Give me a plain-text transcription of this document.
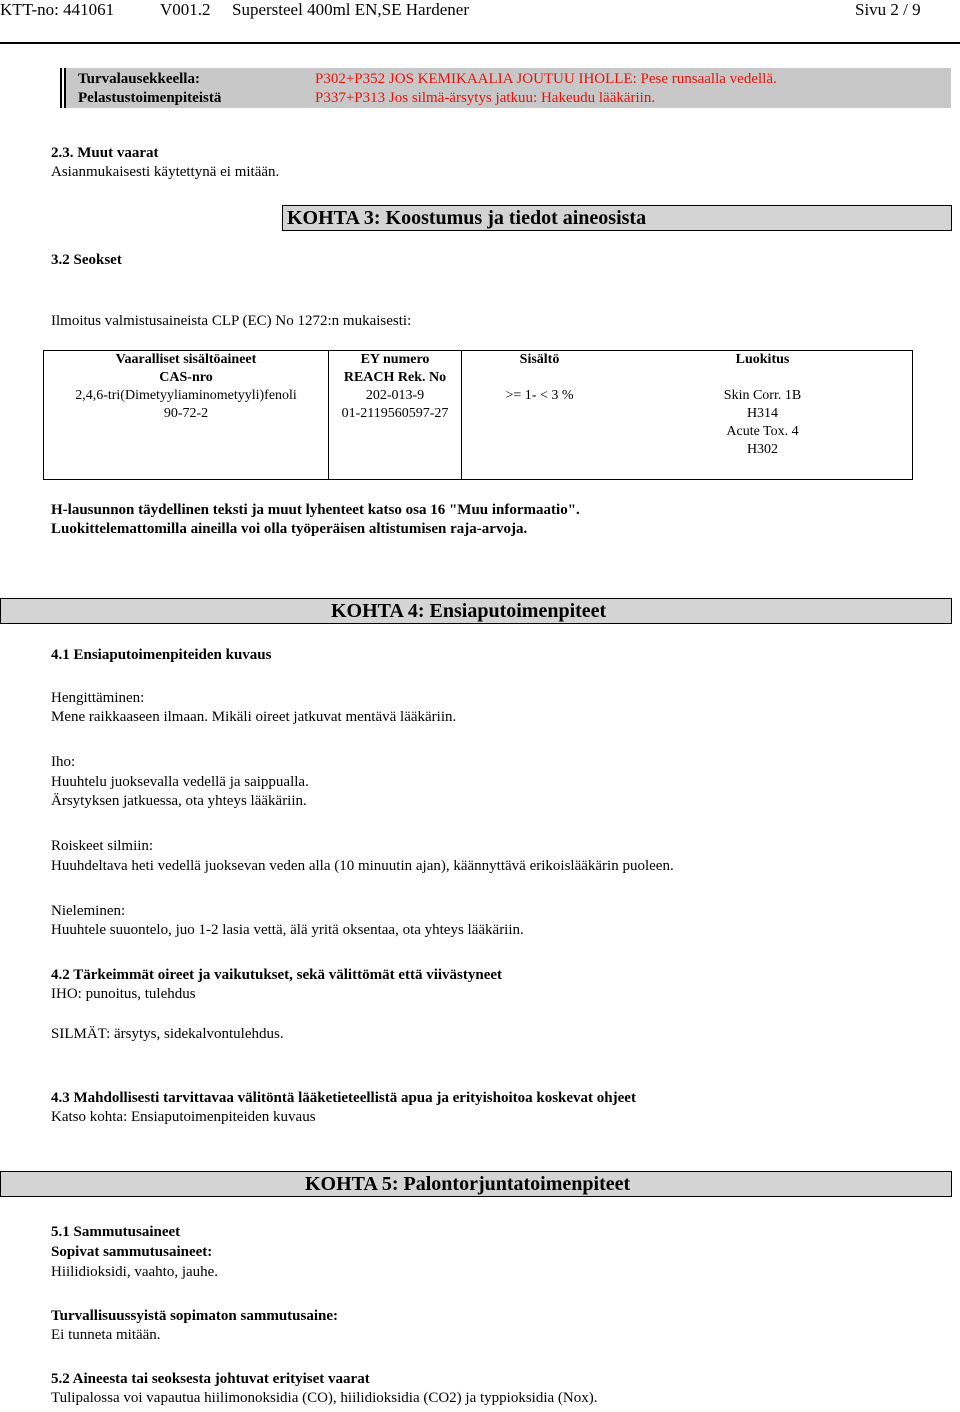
KTT-no: 441061	V001.2 Supersteel 400ml EN,SE Hardener	Sivu 2 / 9
Turvalausekkeella:
Pelastustoimenpiteistä
P302+P352 JOS KEMIKAALIA JOUTUU IHOLLE: Pese runsaalla vedellä.
P337+P313 Jos silmä-ärsytys jatkuu: Hakeudu lääkäriin.
2.3. Muut vaarat
Asianmukaisesti käytettynä ei mitään.
KOHTA 3: Koostumus ja tiedot aineosista
3.2 Seokset
Ilmoitus valmistusaineista CLP (EC) No 1272:n mukaisesti:
Vaaralliset sisältöaineet
CAS-nro
2,4,6-tri(Dimetyyliaminometyyli)fenoli
90-72-2
EY numero
REACH Rek. No
202-013-9
01-2119560597-27
Sisältö
>= 1- < 3 %
Luokitus
Skin Corr. 1B
H314
Acute Tox. 4
H302
H-lausunnon täydellinen teksti ja muut lyhenteet katso osa 16 "Muu informaatio".
Luokittelemattomilla aineilla voi olla työperäisen altistumisen raja-arvoja.
KOHTA 4: Ensiaputoimenpiteet
4.1 Ensiaputoimenpiteiden kuvaus
Hengittäminen:
Mene raikkaaseen ilmaan. Mikäli oireet jatkuvat mentävä lääkäriin.
Iho:
Huuhtelu juoksevalla vedellä ja saippualla.
Ärsytyksen jatkuessa, ota yhteys lääkäriin.
Roiskeet silmiin:
Huuhdeltava heti vedellä juoksevan veden alla (10 minuutin ajan), käännyttävä erikoislääkärin puoleen.
Nieleminen:
Huuhtele suuontelo, juo 1-2 lasia vettä, älä yritä oksentaa, ota yhteys lääkäriin.
4.2 Tärkeimmät oireet ja vaikutukset, sekä välittömät että viivästyneet
IHO: punoitus, tulehdus
SILMÄT: ärsytys, sidekalvontulehdus.
4.3 Mahdollisesti tarvittavaa välitöntä lääketieteellistä apua ja erityishoitoa koskevat ohjeet
Katso kohta: Ensiaputoimenpiteiden kuvaus
KOHTA 5: Palontorjuntatoimenpiteet
5.1 Sammutusaineet
Sopivat sammutusaineet:
Hiilidioksidi, vaahto, jauhe.
Turvallisuussyistä sopimaton sammutusaine:
Ei tunneta mitään.
5.2 Aineesta tai seoksesta johtuvat erityiset vaarat
Tulipalossa voi vapautua hiilimonoksidia (CO), hiilidioksidia (CO2) ja typpioksidia (Nox).
